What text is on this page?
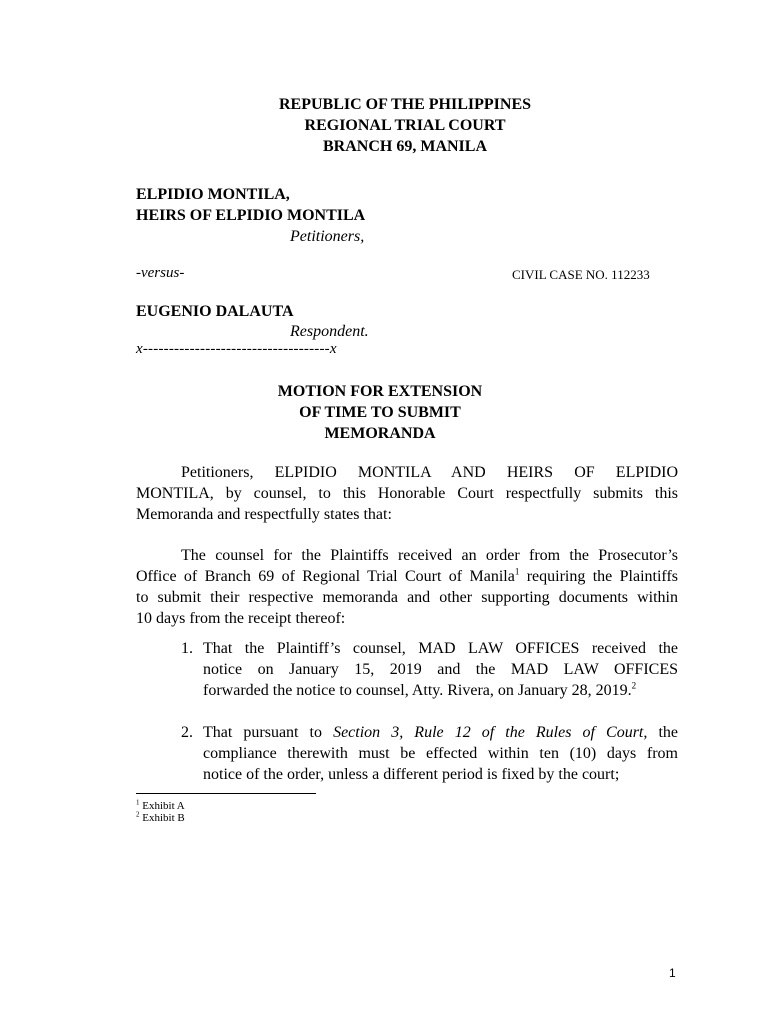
REPUBLIC OF THE PHILIPPINES
REGIONAL TRIAL COURT
BRANCH 69, MANILA
ELPIDIO MONTILA,
HEIRS OF ELPIDIO MONTILA
Petitioners,
-versus-	CIVIL CASE NO. 112233
EUGENIO DALAUTA
Respondent.
x------------------------------------x
MOTION FOR EXTENSION
OF TIME TO SUBMIT
MEMORANDA
Petitioners, ELPIDIO MONTILA AND HEIRS OF ELPIDIO
MONTILA, by counsel, to this Honorable Court respectfully submits this
Memoranda and respectfully states that:
The counsel for the Plaintiffs received an order from the Prosecutor’s
Office of Branch 69 of Regional Trial Court of Manila$^1$ requiring the Plaintiffs
to submit their respective memoranda and other supporting documents within
10 days from the receipt thereof:
1. That the Plaintiff’s counsel, MAD LAW OFFICES received the
notice on January 15, 2019 and the MAD LAW OFFICES
forwarded the notice to counsel, Atty. Rivera, on January 28, 2019.$^2$
2. That pursuant to Section 3, Rule 12 of the Rules of Court, the
compliance therewith must be effected within ten (10) days from
notice of the order, unless a different period is fixed by the court;
$^1$ Exhibit A
$^2$ Exhibit B
1
